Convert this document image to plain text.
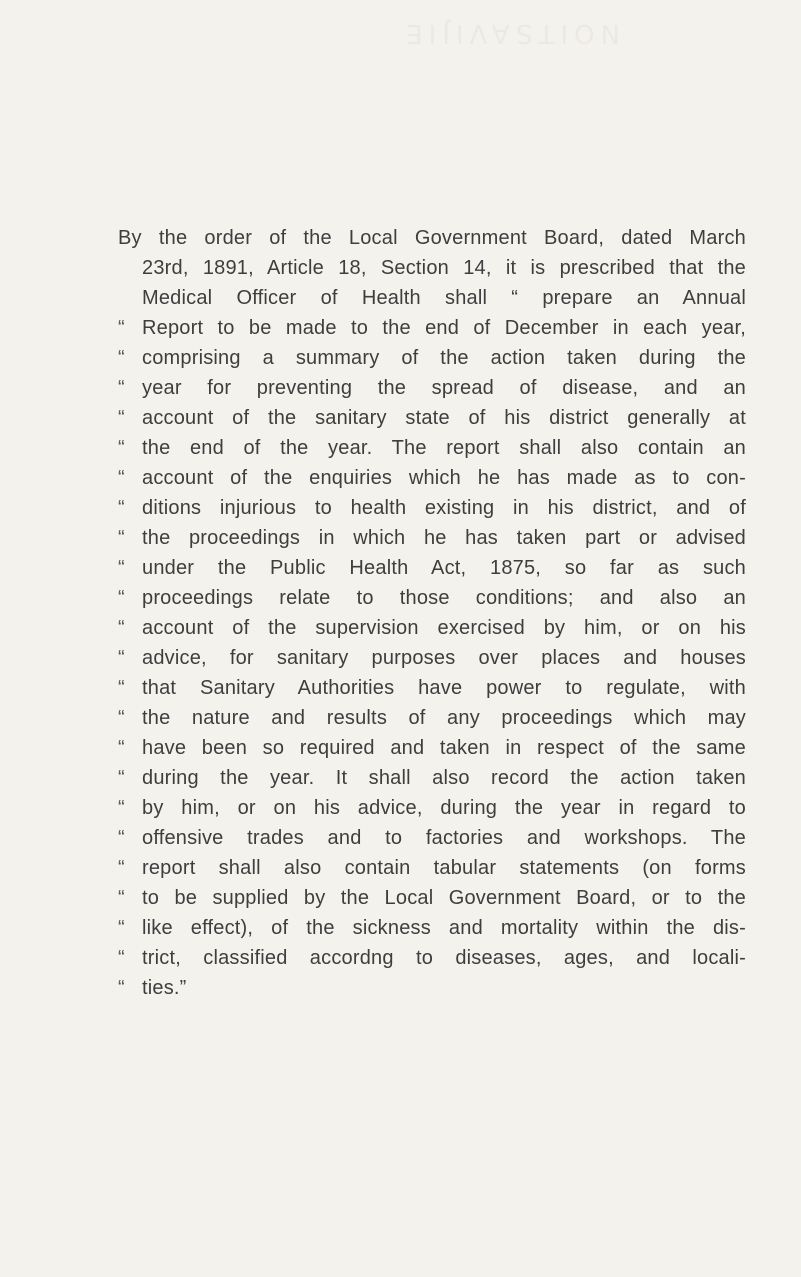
NOITSAVIJIE
By the order of the Local Government Board, dated March
23rd, 1891, Article 18, Section 14, it is prescribed that the
Medical Officer of Health shall “ prepare an Annual
“ Report to be made to the end of December in each year,
“ comprising a summary of the action taken during the
“ year for preventing the spread of disease, and an
“ account of the sanitary state of his district generally at
“ the end of the year. The report shall also contain an
“ account of the enquiries which he has made as to con-
“ ditions injurious to health existing in his district, and of
“ the proceedings in which he has taken part or advised
“ under the Public Health Act, 1875, so far as such
“ proceedings relate to those conditions; and also an
“ account of the supervision exercised by him, or on his
“ advice, for sanitary purposes over places and houses
“ that Sanitary Authorities have power to regulate, with
“ the nature and results of any proceedings which may
“ have been so required and taken in respect of the same
“ during the year. It shall also record the action taken
“ by him, or on his advice, during the year in regard to
“ offensive trades and to factories and workshops. The
“ report shall also contain tabular statements (on forms
“ to be supplied by the Local Government Board, or to the
“ like effect), of the sickness and mortality within the dis-
“ trict, classified accordng to diseases, ages, and locali-
“ ties.”
